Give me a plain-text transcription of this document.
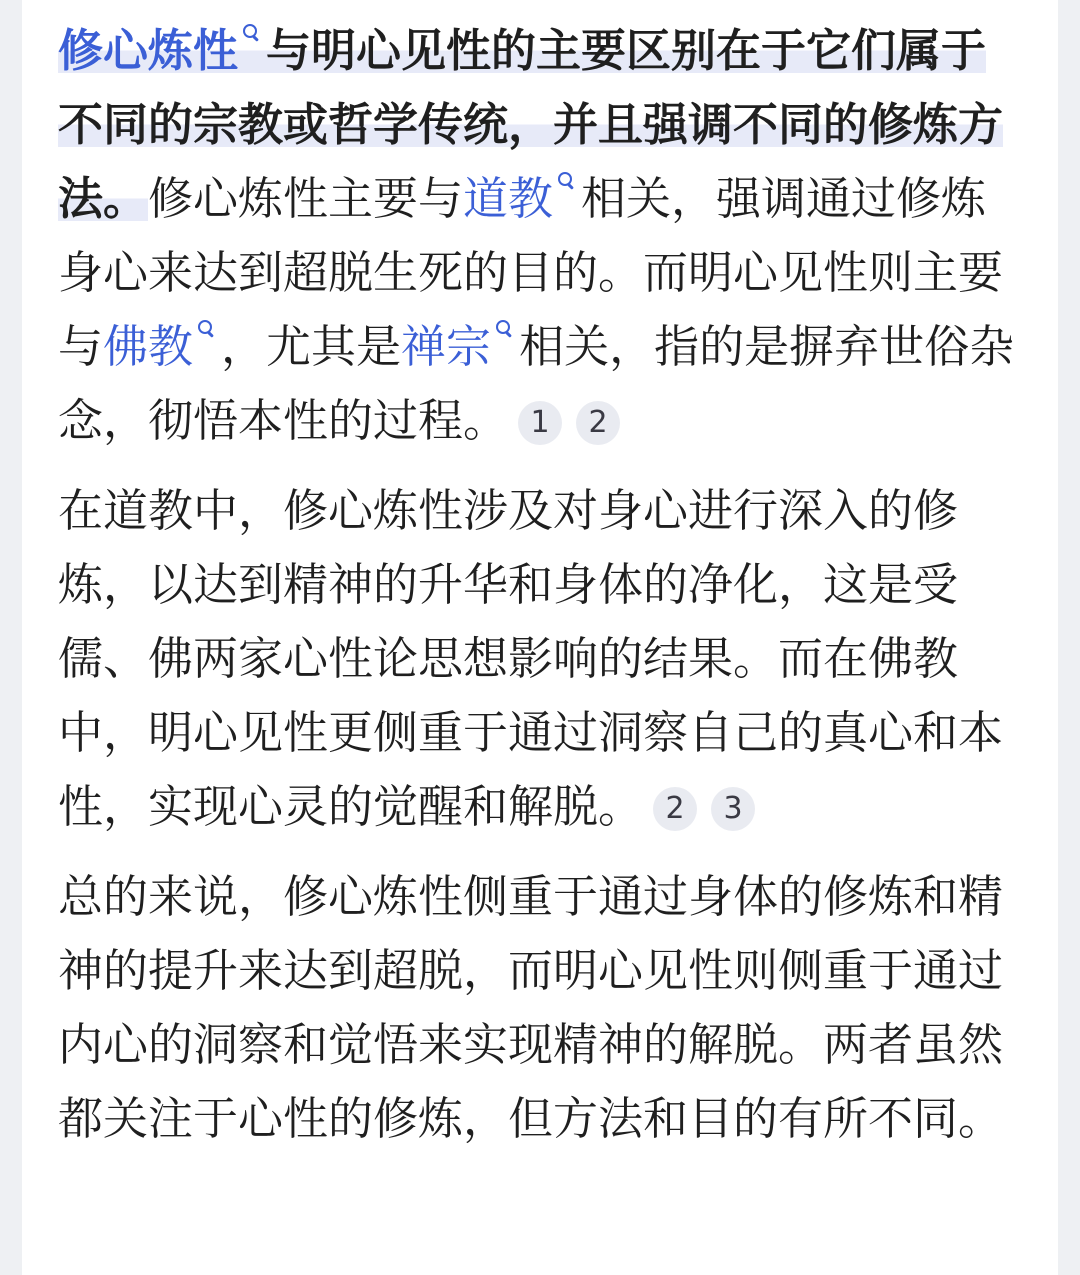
修心炼性 与明心见性的主要区别在于它们属于不同的宗教或哲学传统，并且强调不同的修炼方法。修心炼性主要与道教 相关，强调通过修炼身心来达到超脱生死的目的。而明心见性则主要与佛教 ，尤其是禅宗 相关，指的是摒弃世俗杂念，彻悟本性的过程。 1 2

在道教中，修心炼性涉及对身心进行深入的修炼，以达到精神的升华和身体的净化，这是受儒、佛两家心性论思想影响的结果。而在佛教中，明心见性更侧重于通过洞察自己的真心和本性，实现心灵的觉醒和解脱。 2 3

总的来说，修心炼性侧重于通过身体的修炼和精神的提升来达到超脱，而明心见性则侧重于通过内心的洞察和觉悟来实现精神的解脱。两者虽然都关注于心性的修炼，但方法和目的有所不同。
